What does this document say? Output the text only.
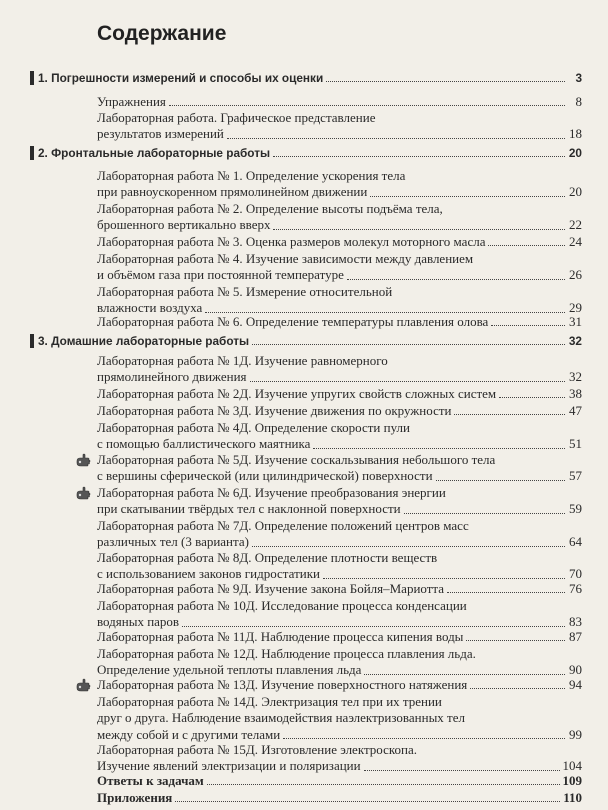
Содержание
1. Погрешности измерений и способы их оценки	3
Упражнения	8
Лабораторная работа. Графическое представление
результатов измерений	18
2. Фронтальные лабораторные работы	20
Лабораторная работа № 1. Определение ускорения тела
при равноускоренном прямолинейном движении	20
Лабораторная работа № 2. Определение высоты подъёма тела,
брошенного вертикально вверх	22
Лабораторная работа № 3. Оценка размеров молекул моторного масла	24
Лабораторная работа № 4. Изучение зависимости между давлением
и объёмом газа при постоянной температуре	26
Лабораторная работа № 5. Измерение относительной
влажности воздуха	29
Лабораторная работа № 6. Определение температуры плавления олова	31
3. Домашние лабораторные работы	32
Лабораторная работа № 1Д. Изучение равномерного
прямолинейного движения	32
Лабораторная работа № 2Д. Изучение упругих свойств сложных систем	38
Лабораторная работа № 3Д. Изучение движения по окружности	47
Лабораторная работа № 4Д. Определение скорости пули
с помощью баллистического маятника	51
Лабораторная работа № 5Д. Изучение соскальзывания небольшого тела
с вершины сферической (или цилиндрической) поверхности	57
Лабораторная работа № 6Д. Изучение преобразования энергии
при скатывании твёрдых тел с наклонной поверхности	59
Лабораторная работа № 7Д. Определение положений центров масс
различных тел (3 варианта)	64
Лабораторная работа № 8Д. Определение плотности веществ
с использованием законов гидростатики	70
Лабораторная работа № 9Д. Изучение закона Бойля–Мариотта	76
Лабораторная работа № 10Д. Исследование процесса конденсации
водяных паров	83
Лабораторная работа № 11Д. Наблюдение процесса кипения воды	87
Лабораторная работа № 12Д. Наблюдение процесса плавления льда.
Определение удельной теплоты плавления льда	90
Лабораторная работа № 13Д. Изучение поверхностного натяжения	94
Лабораторная работа № 14Д. Электризация тел при их трении
друг о друга. Наблюдение взаимодействия наэлектризованных тел
между собой и с другими телами	99
Лабораторная работа № 15Д. Изготовление электроскопа.
Изучение явлений электризации и поляризации	104
Ответы к задачам	109
Приложения	110
